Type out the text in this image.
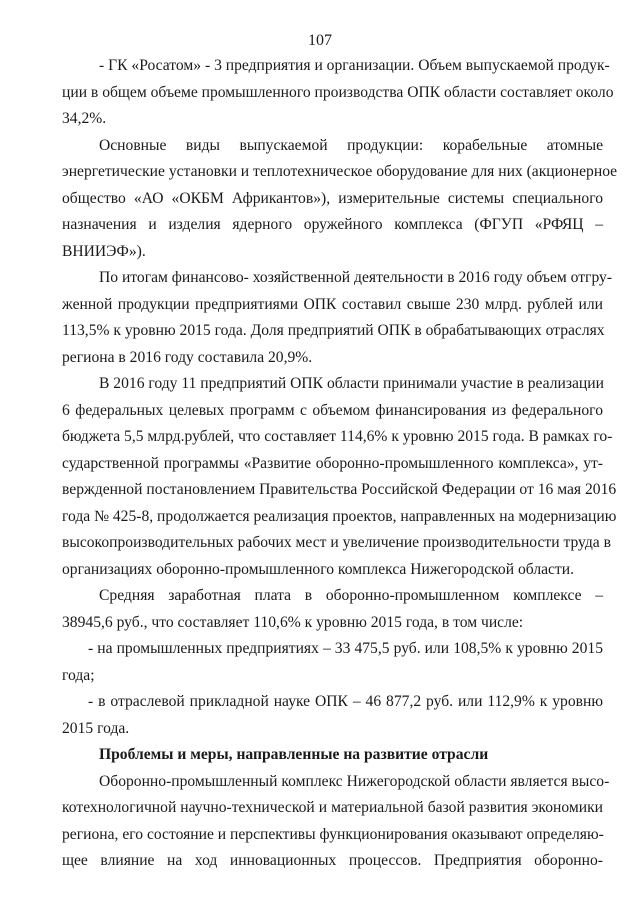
107
- ГК «Росатом» - 3 предприятия и организации. Объем выпускаемой продук-
ции в общем объеме промышленного производства ОПК области составляет около
34,2%.
Основные виды выпускаемой продукции: корабельные атомные
энергетические установки и теплотехническое оборудование для них (акционерное
общество «АО «ОКБМ Африкантов»), измерительные системы специального
назначения и изделия ядерного оружейного комплекса (ФГУП «РФЯЦ –
ВНИИЭФ»).
По итогам финансово- хозяйственной деятельности в 2016 году объем отгру-
женной продукции предприятиями ОПК составил свыше 230 млрд. рублей или
113,5% к уровню 2015 года. Доля предприятий ОПК в обрабатывающих отраслях
региона в 2016 году составила 20,9%.
В 2016 году 11 предприятий ОПК области принимали участие в реализации
6 федеральных целевых программ с объемом финансирования из федерального
бюджета 5,5 млрд.рублей, что составляет 114,6% к уровню 2015 года. В рамках го-
сударственной программы «Развитие оборонно-промышленного комплекса», ут-
вержденной постановлением Правительства Российской Федерации от 16 мая 2016
года № 425-8, продолжается реализация проектов, направленных на модернизацию
высокопроизводительных рабочих мест и увеличение производительности труда в
организациях оборонно-промышленного комплекса Нижегородской области.
Средняя заработная плата в оборонно-промышленном комплексе –
38945,6 руб., что составляет 110,6% к уровню 2015 года, в том числе:
- на промышленных предприятиях – 33 475,5 руб. или 108,5% к уровню 2015
года;
- в отраслевой прикладной науке ОПК – 46 877,2 руб. или 112,9% к уровню
2015 года.
Проблемы и меры, направленные на развитие отрасли
Оборонно-промышленный комплекс Нижегородской области является высо-
котехнологичной научно-технической и материальной базой развития экономики
региона, его состояние и перспективы функционирования оказывают определяю-
щее влияние на ход инновационных процессов. Предприятия оборонно-
